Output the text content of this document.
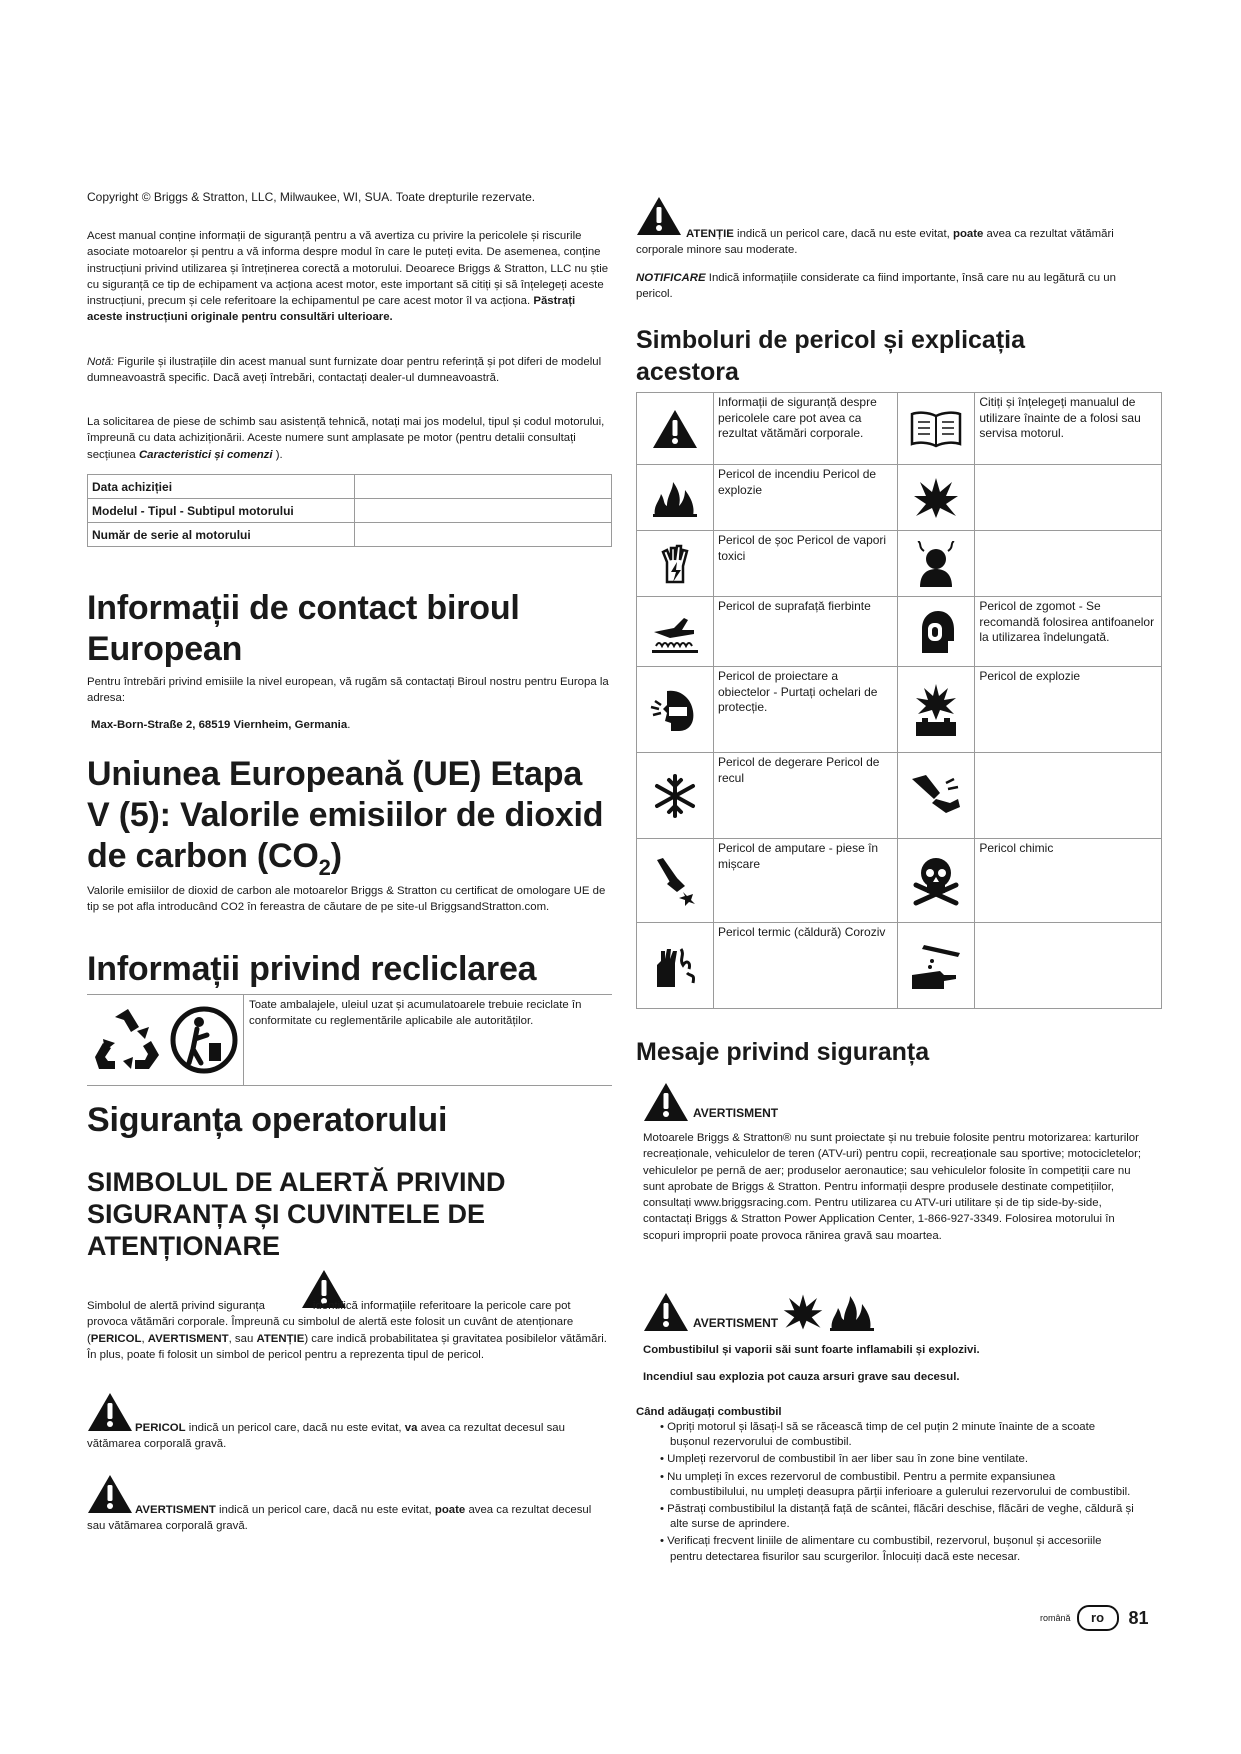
Copyright © Briggs & Stratton, LLC, Milwaukee, WI, SUA. Toate drepturile rezervate.

Acest manual conține informații de siguranță pentru a vă avertiza cu privire la pericolele și riscurile asociate motoarelor și pentru a vă informa despre modul în care le puteți evita. De asemenea, conține instrucțiuni privind utilizarea și întreținerea corectă a motorului. Deoarece Briggs & Stratton, LLC nu știe cu siguranță ce tip de echipament va acționa acest motor, este important să citiți și să înțelegeți aceste instrucțiuni, precum și cele referitoare la echipamentul pe care acest motor îl va acționa. Păstrați aceste instrucțiuni originale pentru consultări ulterioare.

Notă: Figurile și ilustrațiile din acest manual sunt furnizate doar pentru referință și pot diferi de modelul dumneavoastră specific. Dacă aveți întrebări, contactați dealer-ul dumneavoastră.

La solicitarea de piese de schimb sau asistență tehnică, notați mai jos modelul, tipul și codul motorului, împreună cu data achiziționării. Aceste numere sunt amplasate pe motor (pentru detalii consultați secțiunea Caracteristici și comenzi ).

Data achiziției	
Modelul - Tipul - Subtipul motorului	
Număr de serie al motorului	
Informații de contact biroul European

Pentru întrebări privind emisiile la nivel european, vă rugăm să contactați Biroul nostru pentru Europa la adresa:

Max-Born-Straße 2, 68519 Viernheim, Germania.

Uniunea Europeană (UE) Etapa V (5): Valorile emisiilor de dioxid de carbon $(CO_2)$

Valorile emisiilor de dioxid de carbon ale motoarelor Briggs & Stratton cu certificat de omologare UE de tip se pot afla introducând CO2 în fereastra de căutare de pe site-ul BriggsandStratton.com.

Informații privind recliclarea

Toate ambalajele, uleiul uzat și acumulatoarele trebuie reciclate în conformitate cu reglementările aplicabile ale autorităților.

Siguranța operatorului
SIMBOLUL DE ALERTĂ PRIVIND SIGURANȚA ȘI CUVINTELE DE ATENȚIONARE

Simbolul de alertă privind siguranța	identifică informațiile referitoare la pericole care pot provoca vătămări corporale. Împreună cu simbolul de alertă este folosit un cuvânt de atenționare (PERICOL, AVERTISMENT, sau ATENȚIE) care indică probabilitatea și gravitatea posibilelor vătămări. În plus, poate fi folosit un simbol de pericol pentru a reprezenta tipul de pericol.

PERICOL indică un pericol care, dacă nu este evitat, va avea ca rezultat decesul sau vătămarea corporală gravă.

AVERTISMENT indică un pericol care, dacă nu este evitat, poate avea ca rezultat decesul sau vătămarea corporală gravă.

ATENȚIE indică un pericol care, dacă nu este evitat, poate avea ca rezultat vătămări corporale minore sau moderate.

NOTIFICARE Indică informațiile considerate ca fiind importante, însă care nu au legătură cu un pericol.

Simboluri de pericol și explicația acestora
	Informații de siguranță despre pericolele care pot avea ca rezultat vătămări corporale.		Citiți și înțelegeți manualul de utilizare înainte de a folosi sau servisa motorul.

	Pericol de incendiu Pericol de explozie	

	Pericol de șoc Pericol de vapori toxici	

	Pericol de suprafață fierbinte		Pericol de zgomot - Se recomandă folosirea antifoanelor la utilizarea îndelungată.

	Pericol de proiectare a obiectelor - Purtați ochelari de protecție.		Pericol de explozie

	Pericol de degerare Pericol de recul	

	Pericol de amputare - piese în mișcare		Pericol chimic

	Pericol termic (căldură) Coroziv	

Mesaje privind siguranța
AVERTISMENT

Motoarele Briggs & Stratton® nu sunt proiectate și nu trebuie folosite pentru motorizarea: karturilor recreaționale, vehiculelor de teren (ATV-uri) pentru copii, recreaționale sau sportive; motocicletelor; vehiculelor pe pernă de aer; produselor aeronautice; sau vehiculelor folosite în competiții care nu sunt aprobate de Briggs & Stratton. Pentru informații despre produsele destinate competițiilor, consultați www.briggsracing.com. Pentru utilizarea cu ATV-uri utilitare și de tip side-by-side, contactați Briggs & Stratton Power Application Center, 1-866-927-3349. Folosirea motorului în scopuri improprii poate provoca rănirea gravă sau moartea.

AVERTISMENT

Combustibilul și vaporii săi sunt foarte inflamabili și explozivi.

Incendiul sau explozia pot cauza arsuri grave sau decesul.

Când adăugați combustibil

• Opriți motorul și lăsați-l să se răcească timp de cel puțin 2 minute înainte de a scoate bușonul rezervorului de combustibil.
• Umpleți rezervorul de combustibil în aer liber sau în zone bine ventilate.
• Nu umpleți în exces rezervorul de combustibil. Pentru a permite expansiunea combustibilului, nu umpleți deasupra părții inferioare a gulerului rezervorului de combustibil.
• Păstrați combustibilul la distanță față de scântei, flăcări deschise, flăcări de veghe, căldură și alte surse de aprindere.
• Verificați frecvent liniile de alimentare cu combustibil, rezervorul, bușonul și accesoriile pentru detectarea fisurilor sau scurgerilor. Înlocuiți dacă este necesar.
română	ro	81
